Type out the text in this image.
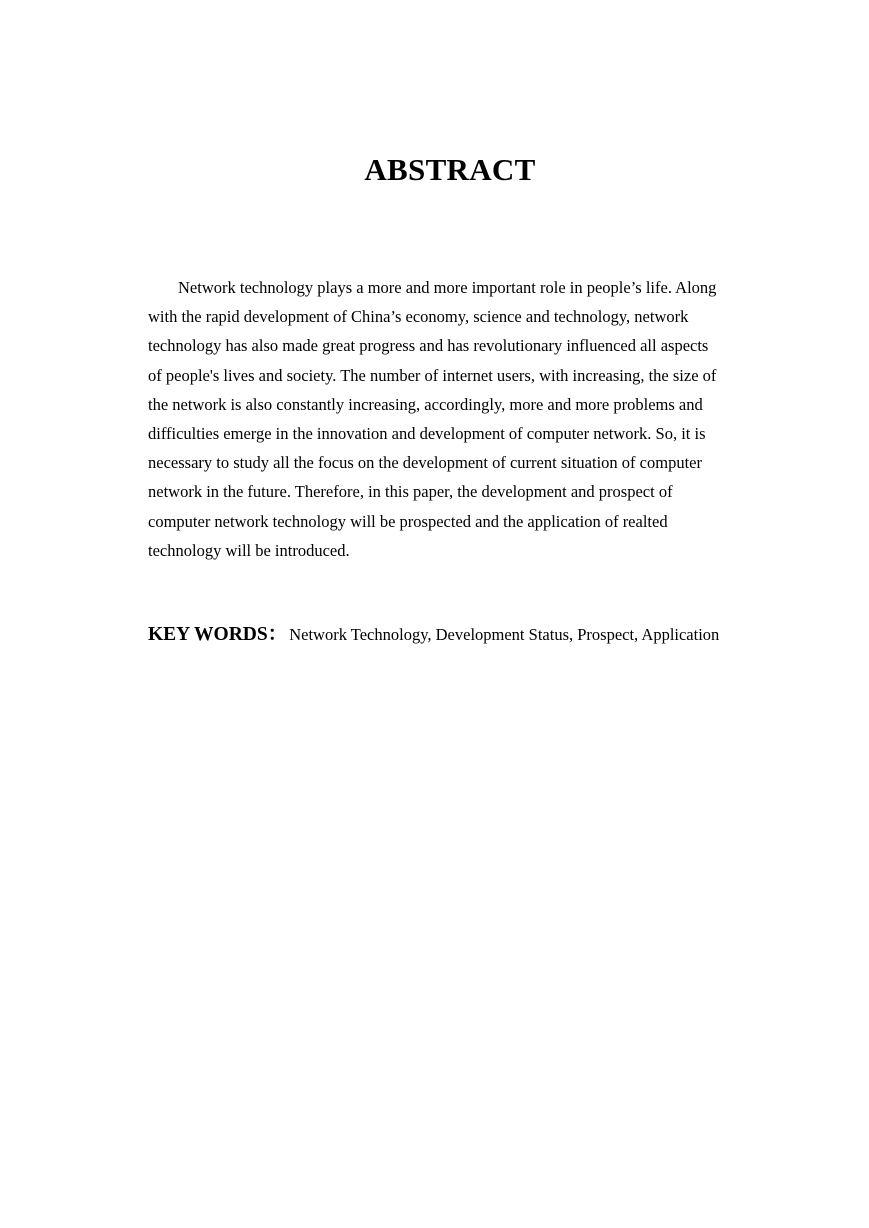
ABSTRACT
Network technology plays a more and more important role in people’s life. Along
with the rapid development of China’s economy, science and technology, network
technology has also made great progress and has revolutionary influenced all aspects
of people's lives and society. The number of internet users, with increasing, the size of
the network is also constantly increasing, accordingly, more and more problems and
difficulties emerge in the innovation and development of computer network. So, it is
necessary to study all the focus on the development of current situation of computer
network in the future. Therefore, in this paper, the development and prospect of
computer network technology will be prospected and the application of realted
technology will be introduced.

KEY WORDS： Network Technology, Development Status, Prospect, Application
